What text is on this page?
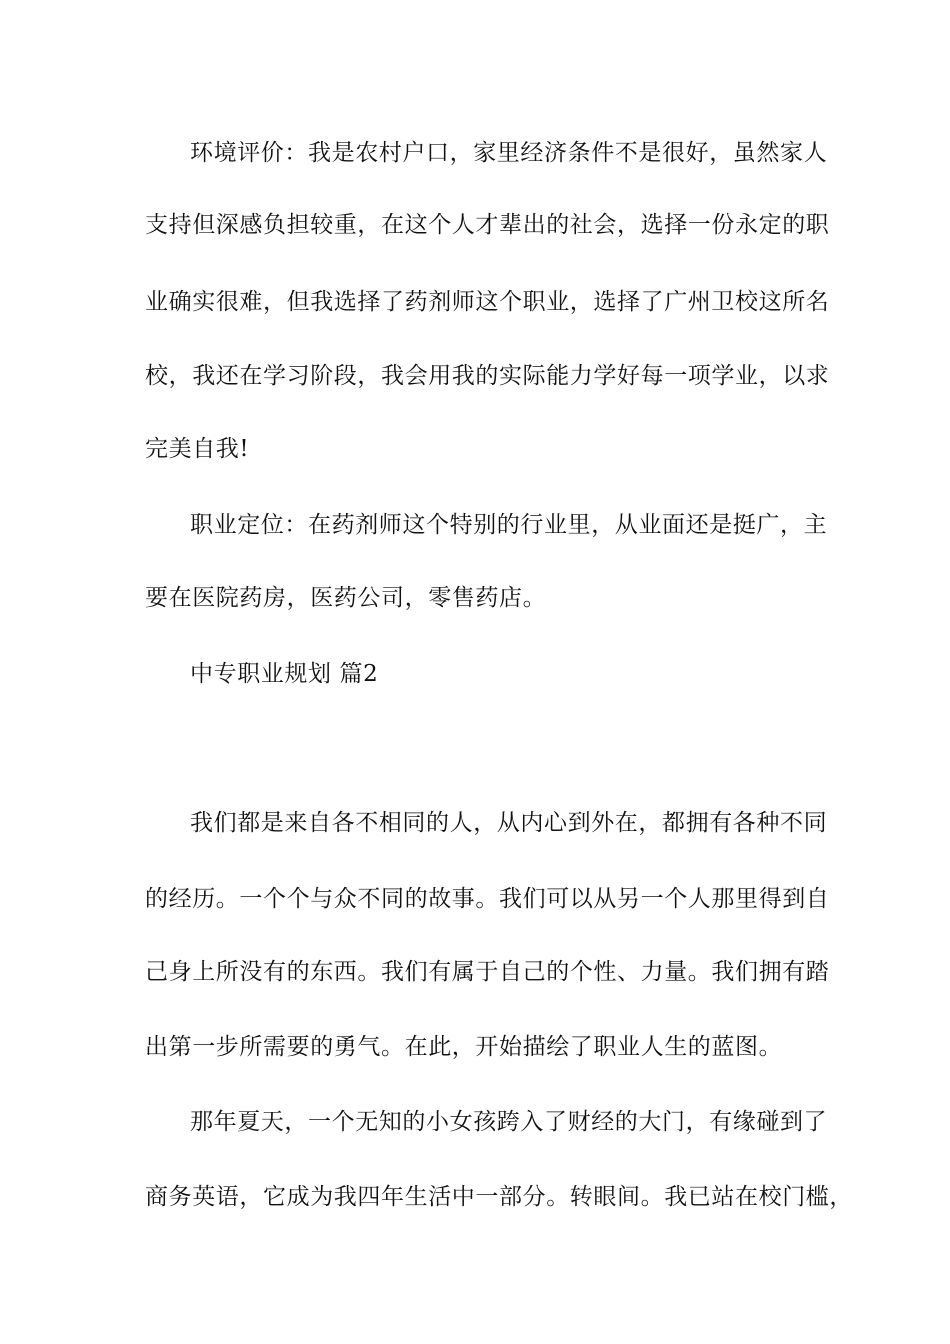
环境评价：我是农村户口，家里经济条件不是很好，虽然家人
支持但深感负担较重，在这个人才辈出的社会，选择一份永定的职
业确实很难，但我选择了药剂师这个职业，选择了广州卫校这所名
校，我还在学习阶段，我会用我的实际能力学好每一项学业，以求
完美自我!
职业定位：在药剂师这个特别的行业里，从业面还是挺广，主
要在医院药房，医药公司，零售药店。
中专职业规划 篇2
我们都是来自各不相同的人，从内心到外在，都拥有各种不同
的经历。一个个与众不同的故事。我们可以从另一个人那里得到自
己身上所没有的东西。我们有属于自己的个性、力量。我们拥有踏
出第一步所需要的勇气。在此，开始描绘了职业人生的蓝图。
那年夏天，一个无知的小女孩跨入了财经的大门，有缘碰到了
商务英语，它成为我四年生活中一部分。转眼间。我已站在校门槛，
